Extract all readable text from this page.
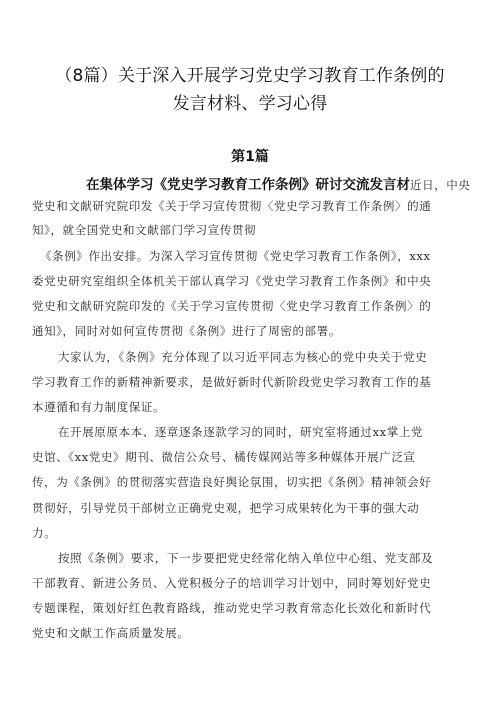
（8篇）关于深入开展学习党史学习教育工作条例的
发言材料、学习心得
第1篇
在集体学习《党史学习教育工作条例》研讨交流发言材近日，中央
党史和文献研究院印发《关于学习宣传贯彻〈党史学习教育工作条例〉的通
知》，就全国党史和文献部门学习宣传贯彻
《条例》作出安排。为深入学习宣传贯彻《党史学习教育工作条例》，xxx
委党史研究室组织全体机关干部认真学习《党史学习教育工作条例》和中央
党史和文献研究院印发的《关于学习宣传贯彻〈党史学习教育工作条例〉的
通知》，同时对如何宣传贯彻《条例》进行了周密的部署。
大家认为，《条例》充分体现了以习近平同志为核心的党中央关于党史
学习教育工作的新精神新要求，是做好新时代新阶段党史学习教育工作的基
本遵循和有力制度保证。
在开展原原本本、逐章逐条逐款学习的同时，研究室将通过xx掌上党
史馆、《xx党史》期刊、微信公众号、橘传媒网站等多种媒体开展广泛宣
传，为《条例》的贯彻落实营造良好舆论氛围，切实把《条例》精神领会好
贯彻好，引导党员干部树立正确党史观，把学习成果转化为干事的强大动
力。
按照《条例》要求，下一步要把党史经常化纳入单位中心组、党支部及
干部教育、新进公务员、入党积极分子的培训学习计划中，同时筹划好党史
专题课程，策划好红色教育路线，推动党史学习教育常态化长效化和新时代
党史和文献工作高质量发展。
